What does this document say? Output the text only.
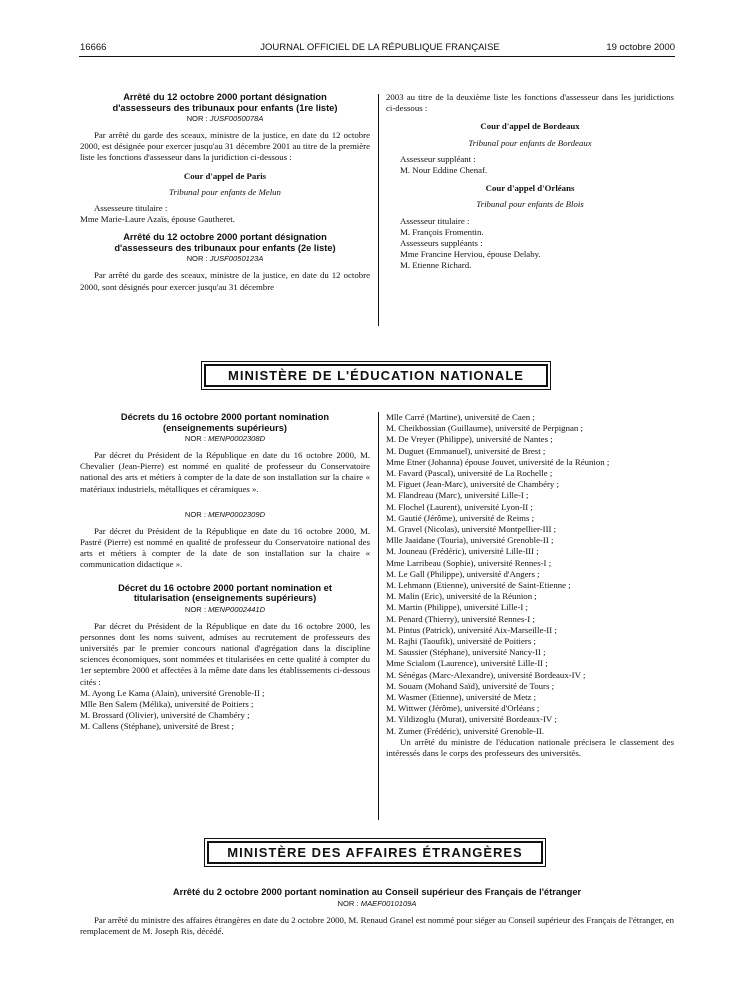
16666	JOURNAL OFFICIEL DE LA RÉPUBLIQUE FRANÇAISE	19 octobre 2000

Arrêté du 12 octobre 2000 portant désignation d'assesseurs des tribunaux pour enfants (1re liste)

NOR : JUSF0050078A

Par arrêté du garde des sceaux, ministre de la justice, en date du 12 octobre 2000, est désignée pour exercer jusqu'au 31 décembre 2001 au titre de la première liste les fonctions d'assesseur dans la juridiction ci-dessous :

Cour d'appel de Paris

Tribunal pour enfants de Melun

Assesseure titulaire :

Mme Marie-Laure Azaïs, épouse Gautheret.

Arrêté du 12 octobre 2000 portant désignation d'assesseurs des tribunaux pour enfants (2e liste)

NOR : JUSF0050123A

Par arrêté du garde des sceaux, ministre de la justice, en date du 12 octobre 2000, sont désignés pour exercer jusqu'au 31 décembre

2003 au titre de la deuxième liste les fonctions d'assesseur dans les juridictions ci-dessous :

Cour d'appel de Bordeaux

Tribunal pour enfants de Bordeaux

Assesseur suppléant :

M. Nour Eddine Chenaf.

Cour d'appel d'Orléans

Tribunal pour enfants de Blois

Assesseur titulaire :

M. François Fromentin.

Assesseurs suppléants :

Mme Francine Herviou, épouse Delaby.

M. Etienne Richard.

MINISTÈRE DE L'ÉDUCATION NATIONALE

Décrets du 16 octobre 2000 portant nomination (enseignements supérieurs)

NOR : MENP0002308D

Par décret du Président de la République en date du 16 octobre 2000, M. Chevalier (Jean-Pierre) est nommé en qualité de professeur du Conservatoire national des arts et métiers à compter de la date de son installation sur la chaire « matériaux industriels, métalliques et céramiques ».

NOR : MENP0002309D

Par décret du Président de la République en date du 16 octobre 2000, M. Pastré (Pierre) est nommé en qualité de professeur du Conservatoire national des arts et métiers à compter de la date de son installation sur la chaire « communication didactique ».

Décret du 16 octobre 2000 portant nomination et titularisation (enseignements supérieurs)

NOR : MENP0002441D

Par décret du Président de la République en date du 16 octobre 2000, les personnes dont les noms suivent, admises au recrutement de professeurs des universités par le premier concours national d'agrégation dans la discipline sciences économiques, sont nommées et titularisées en cette qualité à compter du 1er septembre 2000 et affectées à la même date dans les établissements ci-dessous cités :

M. Ayong Le Kama (Alain), université Grenoble-II ;

Mlle Ben Salem (Mélika), université de Poitiers ;

M. Brossard (Olivier), université de Chambéry ;

M. Callens (Stéphane), université de Brest ;

Mlle Carré (Martine), université de Caen ;

M. Cheikbossian (Guillaume), université de Perpignan ;

M. De Vreyer (Philippe), université de Nantes ;

M. Duguet (Emmanuel), université de Brest ;

Mme Etner (Johanna) épouse Jouvet, université de la Réunion ;

M. Favard (Pascal), université de La Rochelle ;

M. Figuet (Jean-Marc), université de Chambéry ;

M. Flandreau (Marc), université Lille-I ;

M. Flochel (Laurent), université Lyon-II ;

M. Gautié (Jérôme), université de Reims ;

M. Gravel (Nicolas), université Montpellier-III ;

Mlle Jaaidane (Touria), université Grenoble-II ;

M. Jouneau (Frédéric), université Lille-III ;

Mme Larribeau (Sophie), université Rennes-I ;

M. Le Gall (Philippe), université d'Angers ;

M. Lehmann (Etienne), université de Saint-Etienne ;

M. Malin (Eric), université de la Réunion ;

M. Martin (Philippe), université Lille-I ;

M. Penard (Thierry), université Rennes-I ;

M. Pintus (Patrick), université Aix-Marseille-II ;

M. Rajhi (Taoufik), université de Poitiers ;

M. Saussier (Stéphane), université Nancy-II ;

Mme Scialom (Laurence), université Lille-II ;

M. Sénégas (Marc-Alexandre), université Bordeaux-IV ;

M. Souam (Mohand Saïd), université de Tours ;

M. Wasmer (Etienne), université de Metz ;

M. Wittwer (Jérôme), université d'Orléans ;

M. Yildizoglu (Murat), université Bordeaux-IV ;

M. Zumer (Frédéric), université Grenoble-II.

Un arrêté du ministre de l'éducation nationale précisera le classement des intéressés dans le corps des professeurs des universités.

MINISTÈRE DES AFFAIRES ÉTRANGÈRES

Arrêté du 2 octobre 2000 portant nomination au Conseil supérieur des Français de l'étranger

NOR : MAEF0010109A

Par arrêté du ministre des affaires étrangères en date du 2 octobre 2000, M. Renaud Granel est nommé pour siéger au Conseil supérieur des Français de l'étranger, en remplacement de M. Joseph Ris, décédé.
